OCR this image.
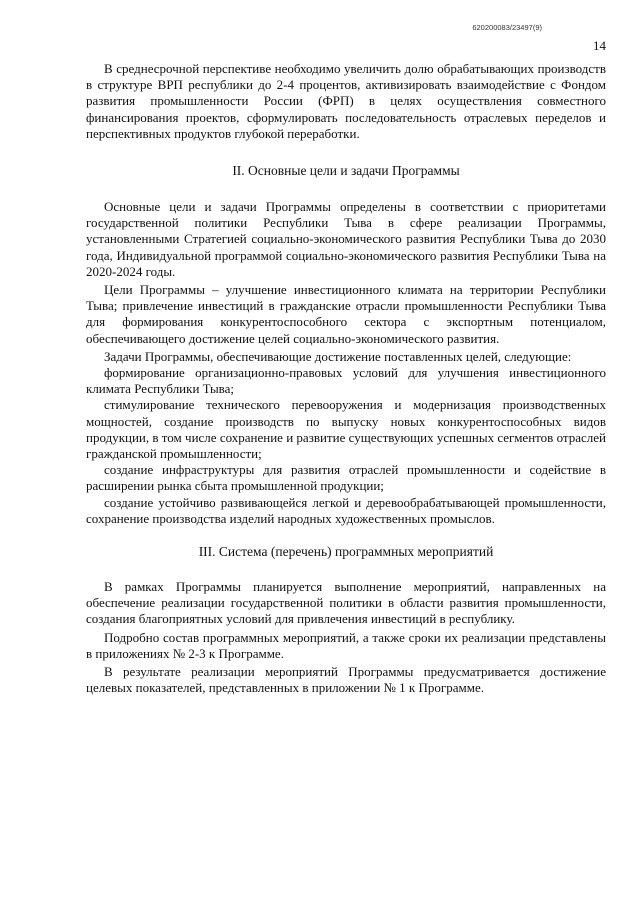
620200083/23497(9)
14

В среднесрочной перспективе необходимо увеличить долю обрабатывающих производств в структуре ВРП республики до 2-4 процентов, активизировать взаимодействие с Фондом развития промышленности России (ФРП) в целях осуществления совместного финансирования проектов, сформулировать последовательность отраслевых переделов и перспективных продуктов глубокой переработки.

II. Основные цели и задачи Программы

Основные цели и задачи Программы определены в соответствии с приоритетами государственной политики Республики Тыва в сфере реализации Программы, установленными Стратегией социально-экономического развития Республики Тыва до 2030 года, Индивидуальной программой социально-экономического развития Республики Тыва на 2020-2024 годы.

Цели Программы – улучшение инвестиционного климата на территории Республики Тыва; привлечение инвестиций в гражданские отрасли промышленности Республики Тыва для формирования конкурентоспособного сектора с экспортным потенциалом, обеспечивающего достижение целей социально-экономического развития.

Задачи Программы, обеспечивающие достижение поставленных целей, следующие:

формирование организационно-правовых условий для улучшения инвестиционного климата Республики Тыва;

стимулирование технического перевооружения и модернизация производственных мощностей, создание производств по выпуску новых конкурентоспособных видов продукции, в том числе сохранение и развитие существующих успешных сегментов отраслей гражданской промышленности;

создание инфраструктуры для развития отраслей промышленности и содействие в расширении рынка сбыта промышленной продукции;

создание устойчиво развивающейся легкой и деревообрабатывающей промышленности, сохранение производства изделий народных художественных промыслов.

III. Система (перечень) программных мероприятий

В рамках Программы планируется выполнение мероприятий, направленных на обеспечение реализации государственной политики в области развития промышленности, создания благоприятных условий для привлечения инвестиций в республику.

Подробно состав программных мероприятий, а также сроки их реализации представлены в приложениях № 2-3 к Программе.

В результате реализации мероприятий Программы предусматривается достижение целевых показателей, представленных в приложении № 1 к Программе.
